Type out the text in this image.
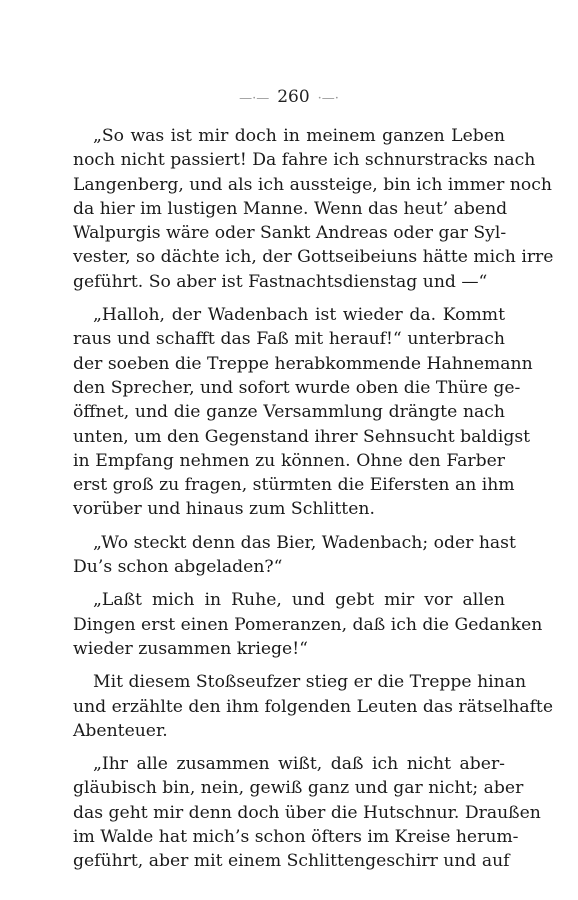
—·— 260 ·—·

„So was ist mir doch in meinem ganzen Leben
noch nicht passiert! Da fahre ich schnurstracks nach
Langenberg, und als ich aussteige, bin ich immer noch
da hier im lustigen Manne. Wenn das heut’ abend
Walpurgis wäre oder Sankt Andreas oder gar Syl-
vester, so dächte ich, der Gottseibeiuns hätte mich irre
geführt. So aber ist Fastnachtsdienstag und —“

„Halloh, der Wadenbach ist wieder da. Kommt
raus und schafft das Faß mit herauf!“ unterbrach
der soeben die Treppe herabkommende Hahnemann
den Sprecher, und sofort wurde oben die Thüre ge-
öffnet, und die ganze Versammlung drängte nach
unten, um den Gegenstand ihrer Sehnsucht baldigst
in Empfang nehmen zu können. Ohne den Farber
erst groß zu fragen, stürmten die Eifersten an ihm
vorüber und hinaus zum Schlitten.

„Wo steckt denn das Bier, Wadenbach; oder hast
Du’s schon abgeladen?“

„Laßt mich in Ruhe, und gebt mir vor allen
Dingen erst einen Pomeranzen, daß ich die Gedanken
wieder zusammen kriege!“

Mit diesem Stoßseufzer stieg er die Treppe hinan
und erzählte den ihm folgenden Leuten das rätselhafte
Abenteuer.

„Ihr alle zusammen wißt, daß ich nicht aber-
gläubisch bin, nein, gewiß ganz und gar nicht; aber
das geht mir denn doch über die Hutschnur. Draußen
im Walde hat mich’s schon öfters im Kreise herum-
geführt, aber mit einem Schlittengeschirr und auf
